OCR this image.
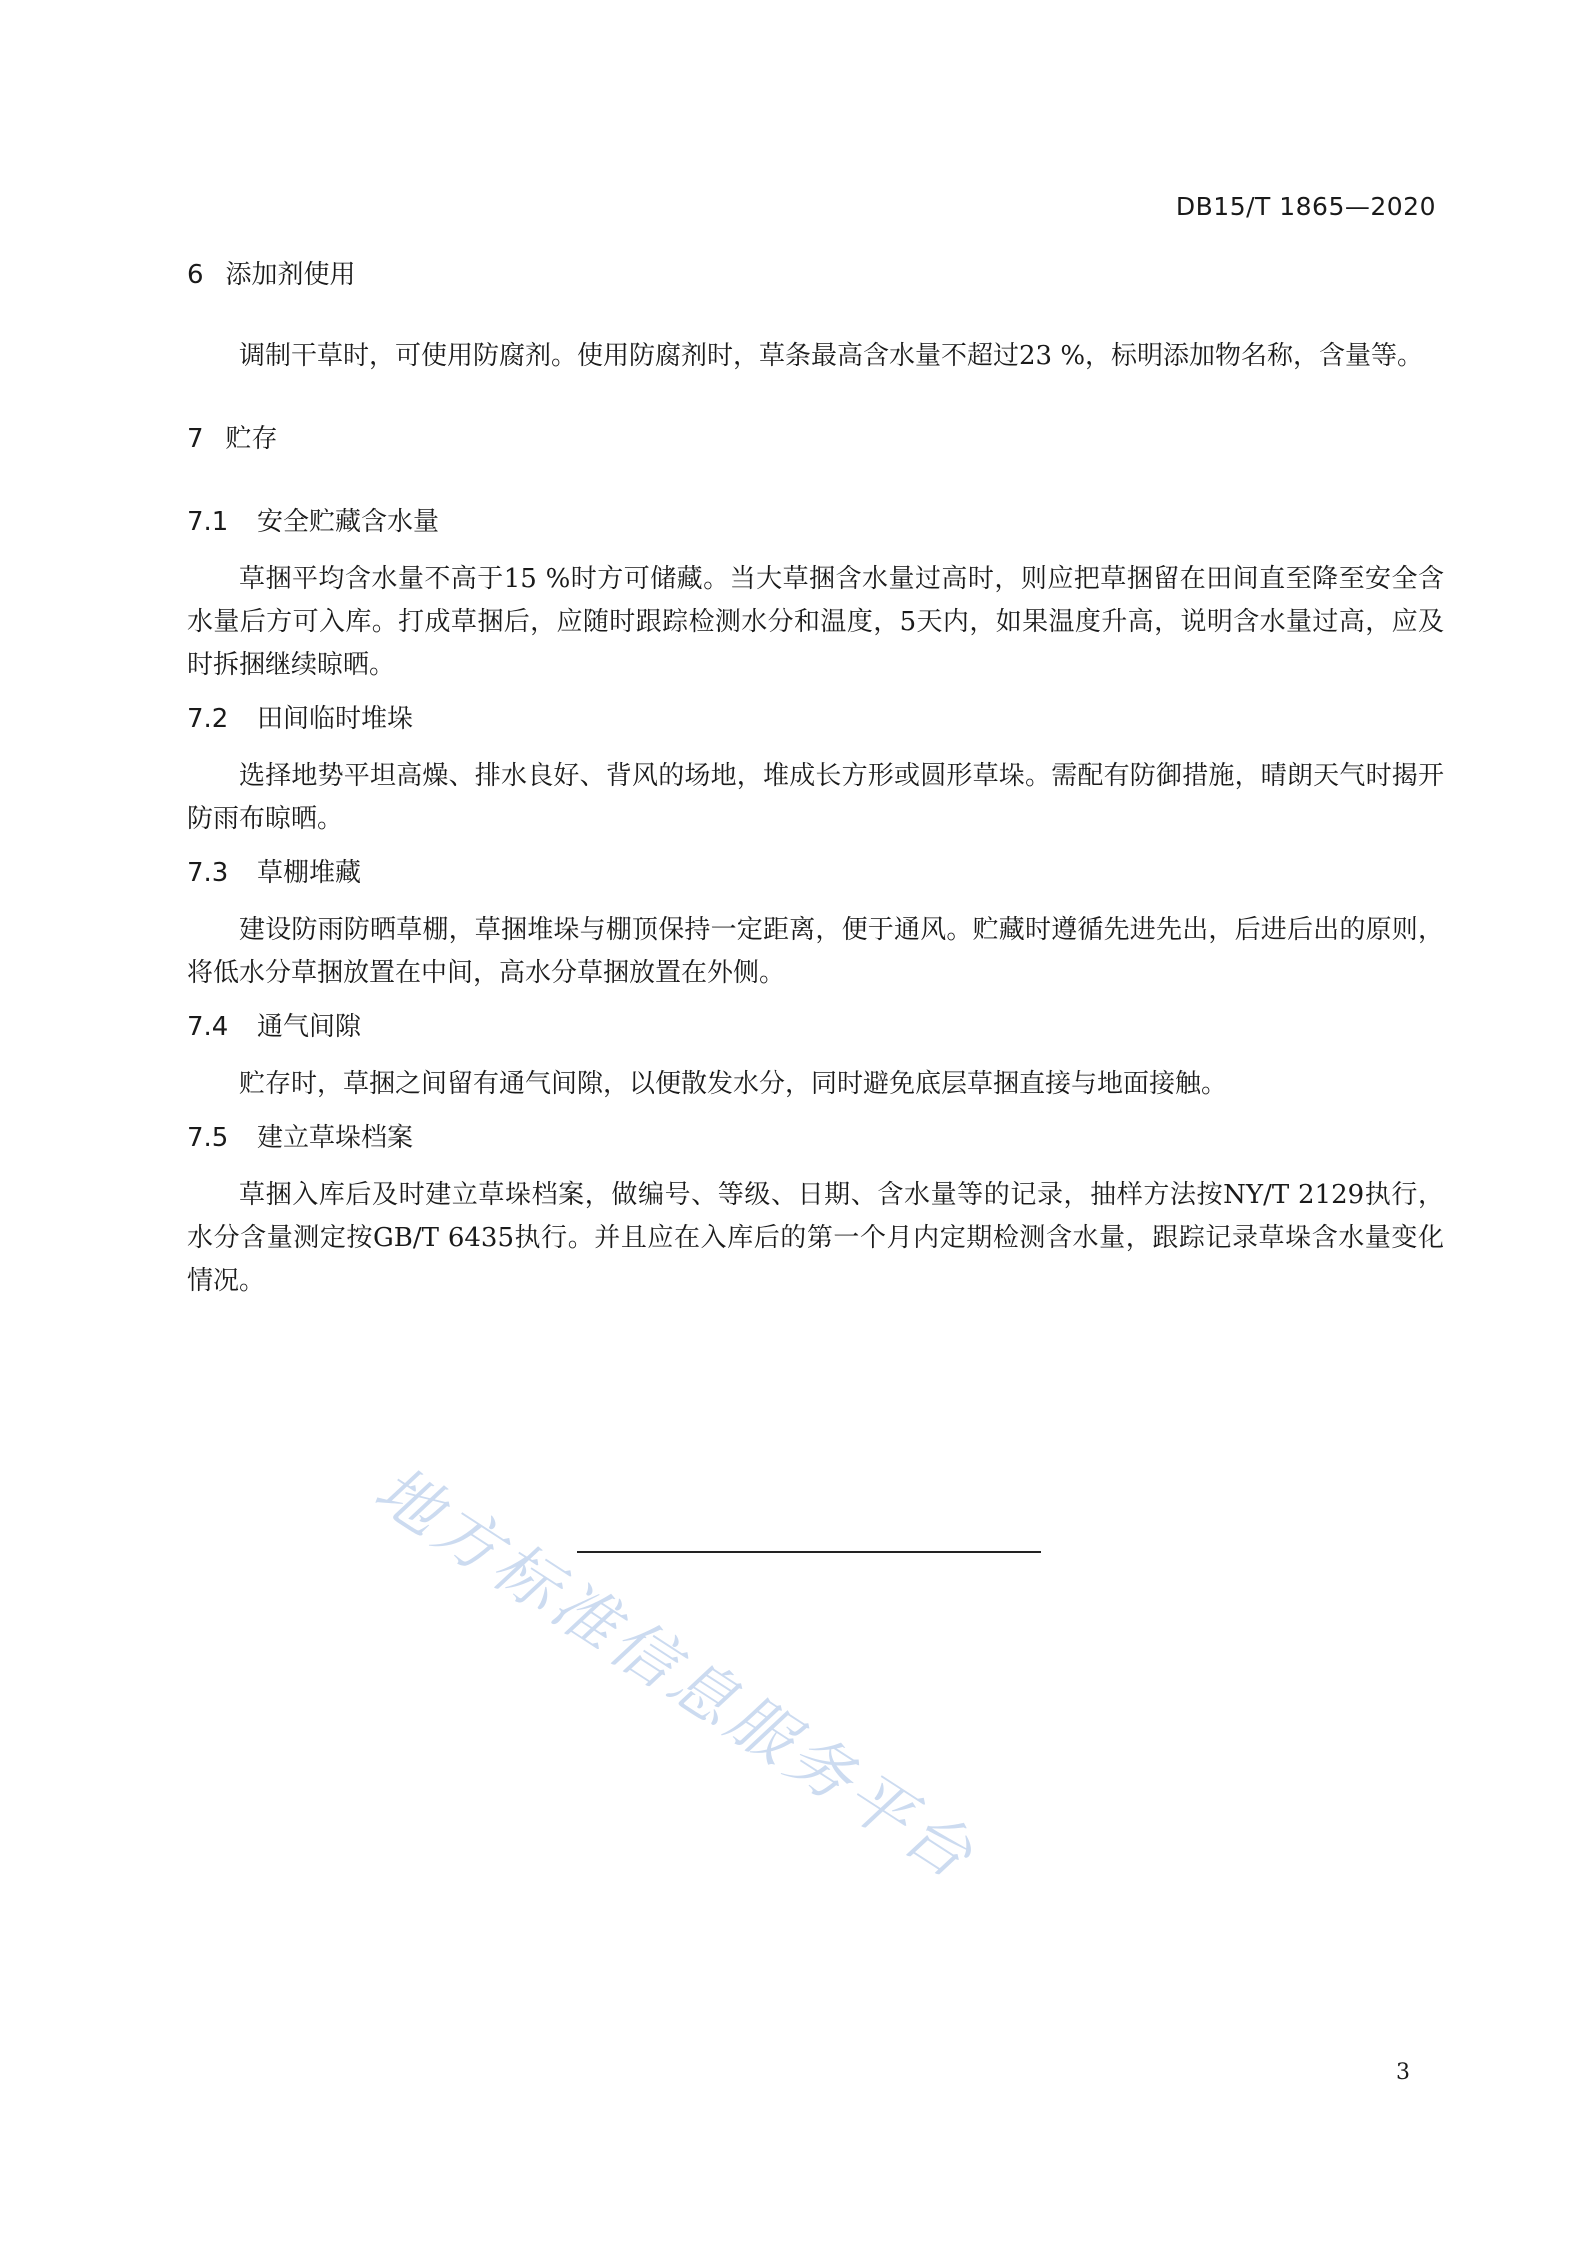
DB15/T 1865—2020
6 添加剂使用

调制干草时，可使用防腐剂。使用防腐剂时，草条最高含水量不超过23 %，标明添加物名称，含量等。

7 贮存
7.1 安全贮藏含水量

草捆平均含水量不高于15 %时方可储藏。当大草捆含水量过高时，则应把草捆留在田间直至降至安全含水量后方可入库。打成草捆后，应随时跟踪检测水分和温度，5天内，如果温度升高，说明含水量过高，应及时拆捆继续晾晒。

7.2 田间临时堆垛

选择地势平坦高燥、排水良好、背风的场地，堆成长方形或圆形草垛。需配有防御措施，晴朗天气时揭开防雨布晾晒。

7.3 草棚堆藏

建设防雨防晒草棚，草捆堆垛与棚顶保持一定距离，便于通风。贮藏时遵循先进先出，后进后出的原则，将低水分草捆放置在中间，高水分草捆放置在外侧。

7.4 通气间隙

贮存时，草捆之间留有通气间隙，以便散发水分，同时避免底层草捆直接与地面接触。

7.5 建立草垛档案

草捆入库后及时建立草垛档案，做编号、等级、日期、含水量等的记录，抽样方法按NY/T 2129执行，水分含量测定按GB/T 6435执行。并且应在入库后的第一个月内定期检测含水量，跟踪记录草垛含水量变化情况。

地方标准信息服务平台
3
